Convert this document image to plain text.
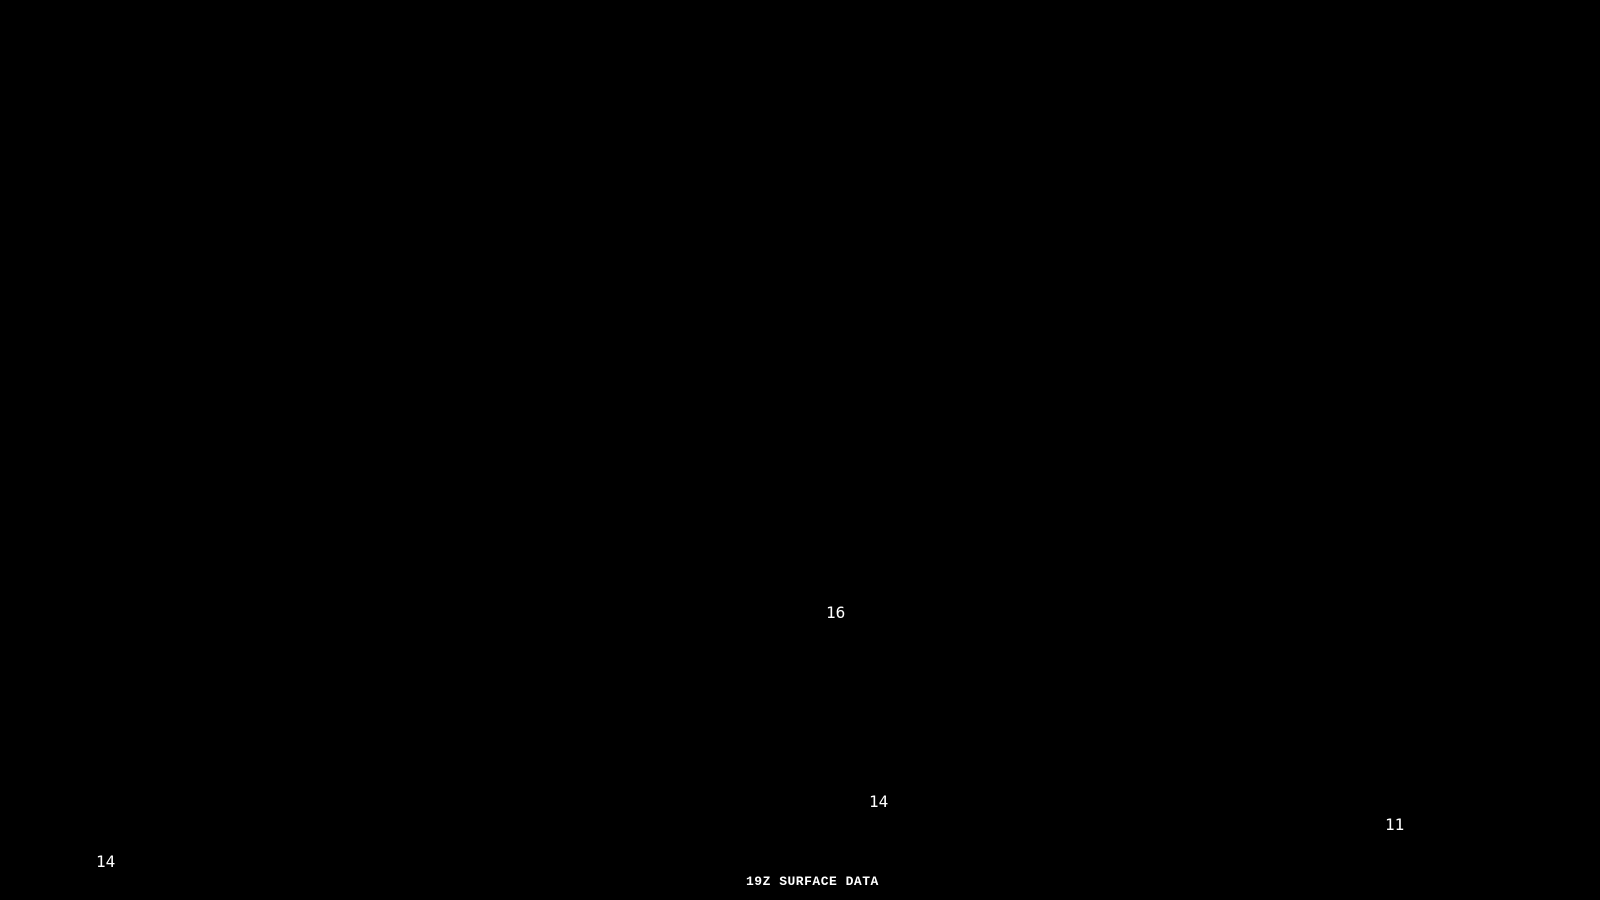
16
14
11
14
19Z SURFACE DATA
